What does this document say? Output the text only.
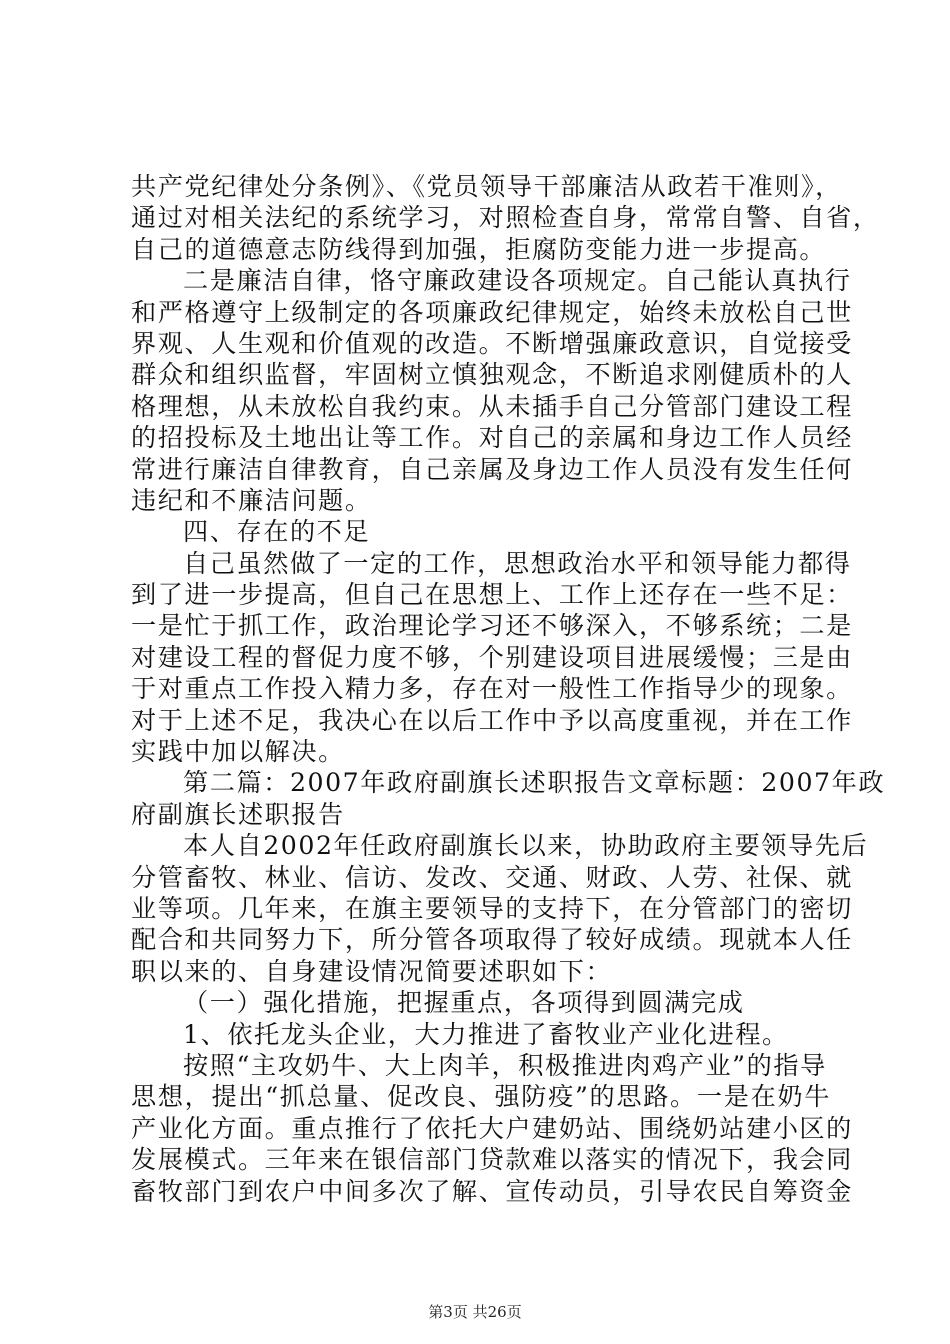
共产党纪律处分条例》、《党员领导干部廉洁从政若干准则》，
通过对相关法纪的系统学习，对照检查自身，常常自警、自省，
自己的道德意志防线得到加强，拒腐防变能力进一步提高。
二是廉洁自律，恪守廉政建设各项规定。自己能认真执行
和严格遵守上级制定的各项廉政纪律规定，始终未放松自己世
界观、人生观和价值观的改造。不断增强廉政意识，自觉接受
群众和组织监督，牢固树立慎独观念，不断追求刚健质朴的人
格理想，从未放松自我约束。从未插手自己分管部门建设工程
的招投标及土地出让等工作。对自己的亲属和身边工作人员经
常进行廉洁自律教育，自己亲属及身边工作人员没有发生任何
违纪和不廉洁问题。
四、存在的不足
自己虽然做了一定的工作，思想政治水平和领导能力都得
到了进一步提高，但自己在思想上、工作上还存在一些不足：
一是忙于抓工作，政治理论学习还不够深入，不够系统；二是
对建设工程的督促力度不够，个别建设项目进展缓慢；三是由
于对重点工作投入精力多，存在对一般性工作指导少的现象。
对于上述不足，我决心在以后工作中予以高度重视，并在工作
实践中加以解决。
第二篇：2007年政府副旗长述职报告文章标题：2007年政
府副旗长述职报告
本人自2002年任政府副旗长以来，协助政府主要领导先后
分管畜牧、林业、信访、发改、交通、财政、人劳、社保、就
业等项。几年来，在旗主要领导的支持下，在分管部门的密切
配合和共同努力下，所分管各项取得了较好成绩。现就本人任
职以来的、自身建设情况简要述职如下：
（一）强化措施，把握重点，各项得到圆满完成
1、依托龙头企业，大力推进了畜牧业产业化进程。
按照“主攻奶牛、大上肉羊，积极推进肉鸡产业”的指导
思想，提出“抓总量、促改良、强防疫”的思路。一是在奶牛
产业化方面。重点推行了依托大户建奶站、围绕奶站建小区的
发展模式。三年来在银信部门贷款难以落实的情况下，我会同
畜牧部门到农户中间多次了解、宣传动员，引导农民自筹资金
第3页 共26页
